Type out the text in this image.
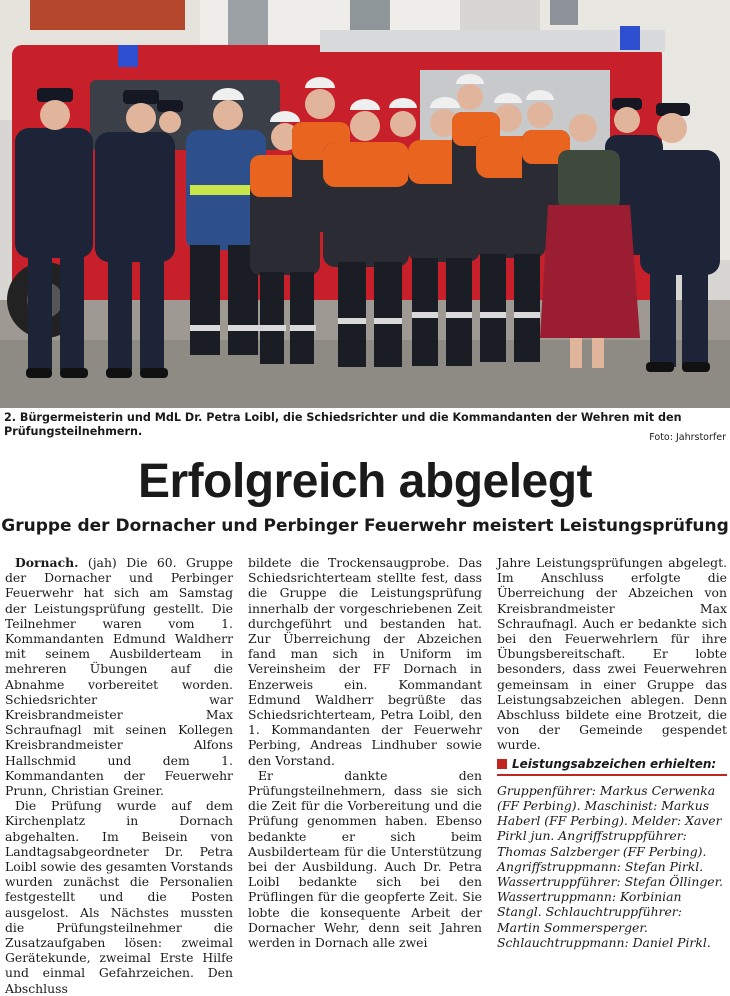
2. Bürgermeisterin und MdL Dr. Petra Loibl, die Schiedsrichter und die Kommandanten der Wehren mit den Prüfungsteilnehmern.	Foto: Jahrstorfer
Erfolgreich abgelegt
Gruppe der Dornacher und Perbinger Feuerwehr meistert Leistungsprüfung

Dornach. (jah) Die 60. Gruppe der Dornacher und Perbinger Feuerwehr hat sich am Samstag der Leistungsprüfung gestellt. Die Teilnehmer waren vom 1. Kommandanten Edmund Waldherr mit seinem Ausbilderteam in mehreren Übungen auf die Abnahme vorbereitet worden. Schiedsrichter war Kreisbrandmeister Max Schraufnagl mit seinen Kollegen Kreisbrandmeister Alfons Hallschmid und dem 1. Kommandanten der Feuerwehr Prunn, Christian Greiner.

Die Prüfung wurde auf dem Kirchenplatz in Dornach abgehalten. Im Beisein von Landtagsabgeordneter Dr. Petra Loibl sowie des gesamten Vorstands wurden zunächst die Personalien festgestellt und die Posten ausgelost. Als Nächstes mussten die Prüfungsteilnehmer die Zusatzaufgaben lösen: zweimal Gerätekunde, zweimal Erste Hilfe und einmal Gefahrzeichen. Den Abschluss

bildete die Trockensaugprobe. Das Schiedsrichterteam stellte fest, dass die Gruppe die Leistungsprüfung innerhalb der vorgeschriebenen Zeit durchgeführt und bestanden hat. Zur Überreichung der Abzeichen fand man sich in Uniform im Vereinsheim der FF Dornach in Enzerweis ein. Kommandant Edmund Waldherr begrüßte das Schiedsrichterteam, Petra Loibl, den 1. Kommandanten der Feuerwehr Perbing, Andreas Lindhuber sowie den Vorstand.

Er dankte den Prüfungsteilnehmern, dass sie sich die Zeit für die Vorbereitung und die Prüfung genommen haben. Ebenso bedankte er sich beim Ausbilderteam für die Unterstützung bei der Ausbildung. Auch Dr. Petra Loibl bedankte sich bei den Prüflingen für die geopferte Zeit. Sie lobte die konsequente Arbeit der Dornacher Wehr, denn seit Jahren werden in Dornach alle zwei

Jahre Leistungsprüfungen abgelegt. Im Anschluss erfolgte die Überreichung der Abzeichen von Kreisbrandmeister Max Schraufnagl. Auch er bedankte sich bei den Feuerwehrlern für ihre Übungsbereitschaft. Er lobte besonders, dass zwei Feuerwehren gemeinsam in einer Gruppe das Leistungsabzeichen ablegen. Denn Abschluss bildete eine Brotzeit, die von der Gemeinde gespendet wurde.

Leistungsabzeichen erhielten:
Gruppenführer: Markus Cerwenka (FF Perbing). Maschinist: Markus Haberl (FF Perbing). Melder: Xaver Pirkl jun. Angriffstruppführer: Thomas Salzberger (FF Perbing). Angriffstruppmann: Stefan Pirkl. Wassertruppführer: Stefan Öllinger. Wassertruppmann: Korbinian Stangl. Schlauchtruppführer: Martin Sommersperger. Schlauchtruppmann: Daniel Pirkl.
